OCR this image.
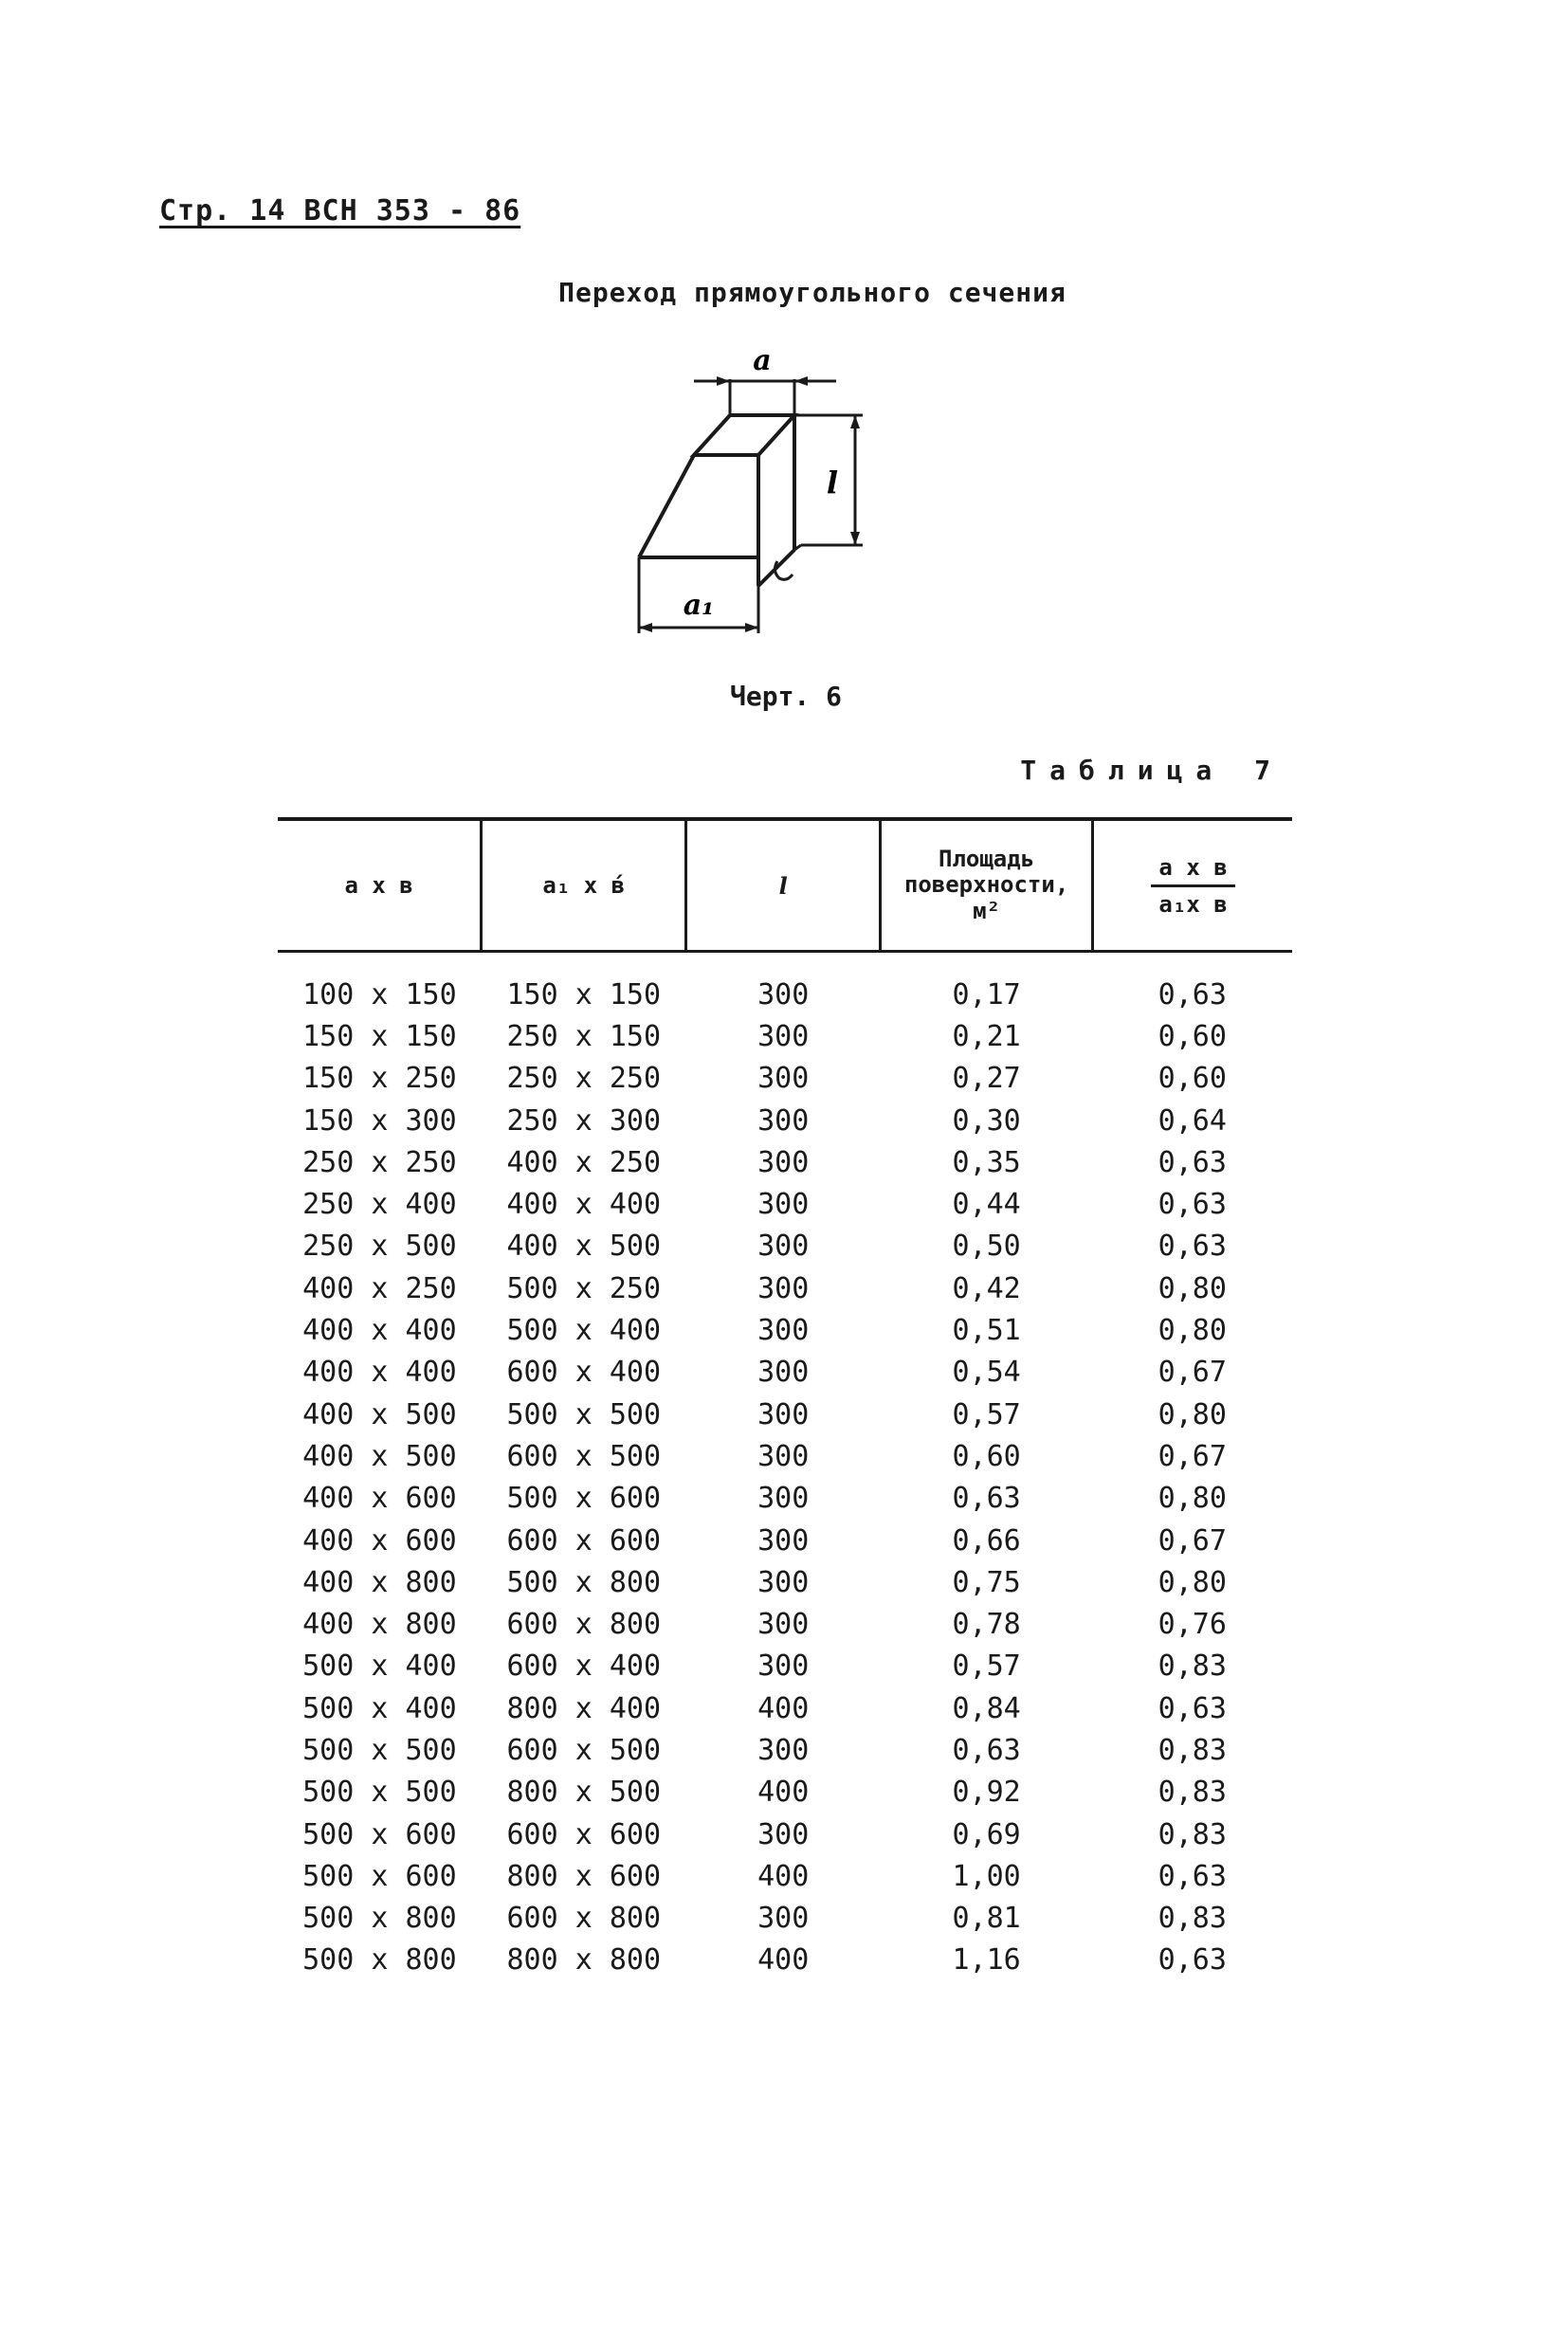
Стр. 14 ВСН 353 - 86
Переход прямоугольного сечения
a
l
a₁
Черт. 6
Таблица 7
а х в	а₁ х в́	l	Площадь поверхности, м²	$\frac{\text{а х в}}{\text{а₁х в}}$

100 х 150	150 х 150	300	0,17	0,63
150 х 150	250 х 150	300	0,21	0,60
150 х 250	250 х 250	300	0,27	0,60
150 х 300	250 х 300	300	0,30	0,64
250 х 250	400 х 250	300	0,35	0,63
250 х 400	400 х 400	300	0,44	0,63
250 х 500	400 х 500	300	0,50	0,63
400 х 250	500 х 250	300	0,42	0,80
400 х 400	500 х 400	300	0,51	0,80
400 х 400	600 х 400	300	0,54	0,67
400 х 500	500 х 500	300	0,57	0,80
400 х 500	600 х 500	300	0,60	0,67
400 х 600	500 х 600	300	0,63	0,80
400 х 600	600 х 600	300	0,66	0,67
400 х 800	500 х 800	300	0,75	0,80
400 х 800	600 х 800	300	0,78	0,76
500 х 400	600 х 400	300	0,57	0,83
500 х 400	800 х 400	400	0,84	0,63
500 х 500	600 х 500	300	0,63	0,83
500 х 500	800 х 500	400	0,92	0,83
500 х 600	600 х 600	300	0,69	0,83
500 х 600	800 х 600	400	1,00	0,63
500 х 800	600 х 800	300	0,81	0,83
500 х 800	800 х 800	400	1,16	0,63
